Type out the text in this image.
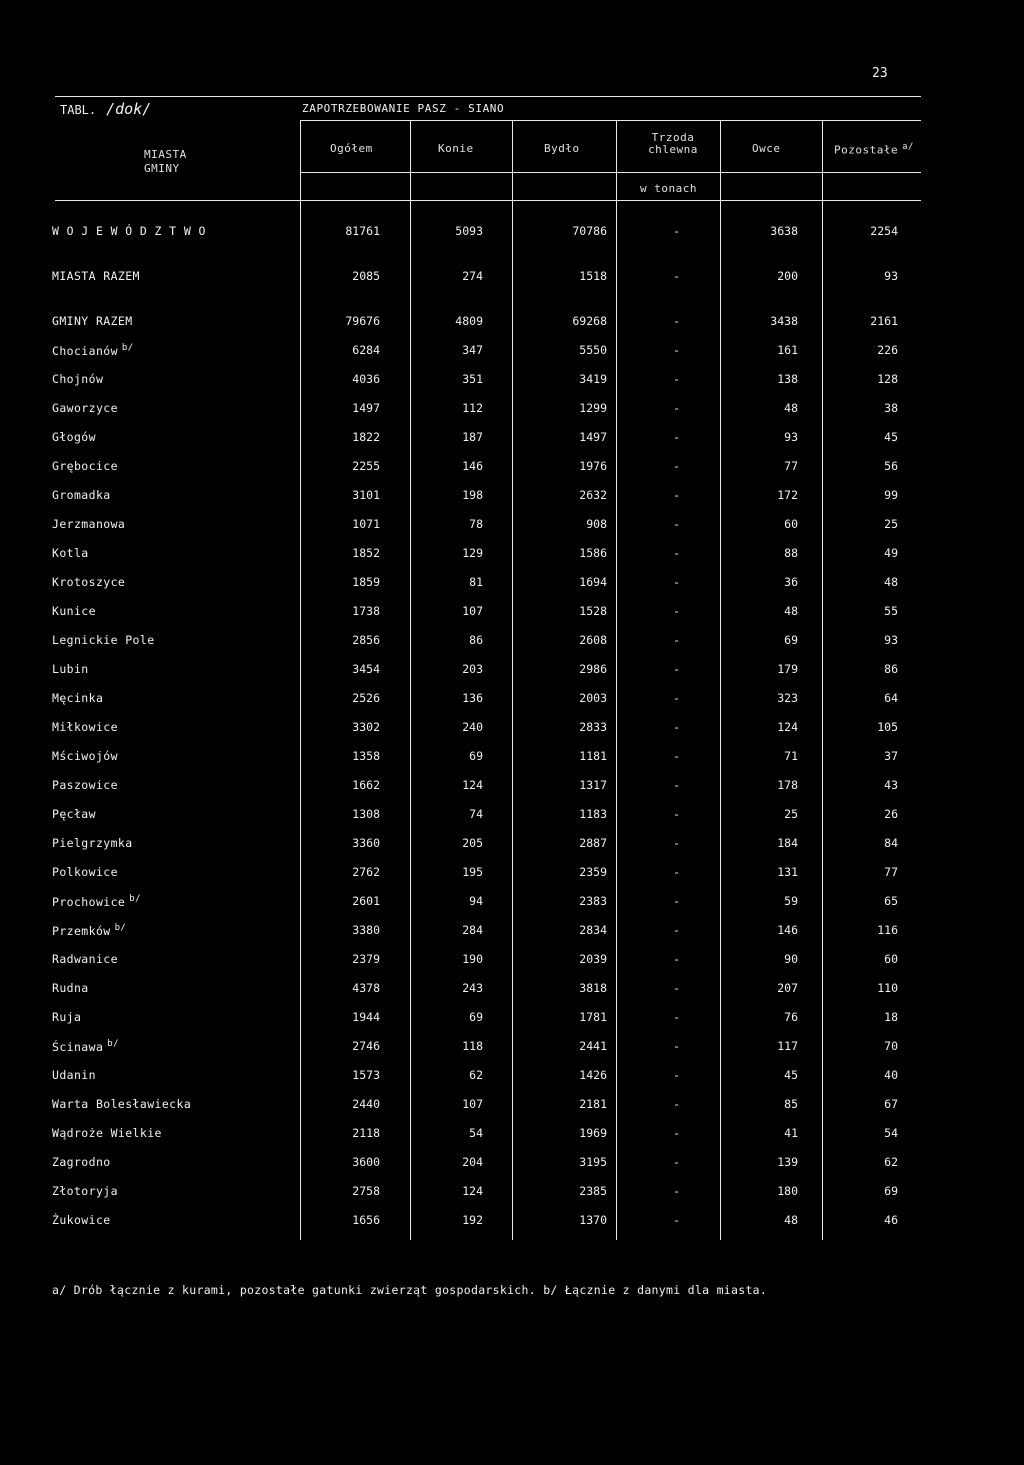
23
TABL. /dok/	ZAPOTRZEBOWANIE PASZ - SIANO
MIASTA
GMINY
Ogółem	Konie	Bydło
Trzoda chlewna	Owce	Pozostałe $^{a/}$
w tonach
W O J E W Ó D Z T W O	81761	5093	70786	-	3638	2254
MIASTA RAZEM	2085	274	1518	-	200	93
GMINY RAZEM	79676	4809	69268	-	3438	2161
Chocianów $^{b/}$	6284	347	5550	-	161	226
Chojnów	4036	351	3419	-	138	128
Gaworzyce	1497	112	1299	-	48	38
Głogów	1822	187	1497	-	93	45
Grębocice	2255	146	1976	-	77	56
Gromadka	3101	198	2632	-	172	99
Jerzmanowa	1071	78	908	-	60	25
Kotla	1852	129	1586	-	88	49
Krotoszyce	1859	81	1694	-	36	48
Kunice	1738	107	1528	-	48	55
Legnickie Pole	2856	86	2608	-	69	93
Lubin	3454	203	2986	-	179	86
Męcinka	2526	136	2003	-	323	64
Miłkowice	3302	240	2833	-	124	105
Mściwojów	1358	69	1181	-	71	37
Paszowice	1662	124	1317	-	178	43
Pęcław	1308	74	1183	-	25	26
Pielgrzymka	3360	205	2887	-	184	84
Polkowice	2762	195	2359	-	131	77
Prochowice $^{b/}$	2601	94	2383	-	59	65
Przemków $^{b/}$	3380	284	2834	-	146	116
Radwanice	2379	190	2039	-	90	60
Rudna	4378	243	3818	-	207	110
Ruja	1944	69	1781	-	76	18
Ścinawa $^{b/}$	2746	118	2441	-	117	70
Udanin	1573	62	1426	-	45	40
Warta Bolesławiecka	2440	107	2181	-	85	67
Wądroże Wielkie	2118	54	1969	-	41	54
Zagrodno	3600	204	3195	-	139	62
Złotoryja	2758	124	2385	-	180	69
Żukowice	1656	192	1370	-	48	46
a/ Drób łącznie z kurami, pozostałe gatunki zwierząt gospodarskich. b/ Łącznie z danymi dla miasta.
